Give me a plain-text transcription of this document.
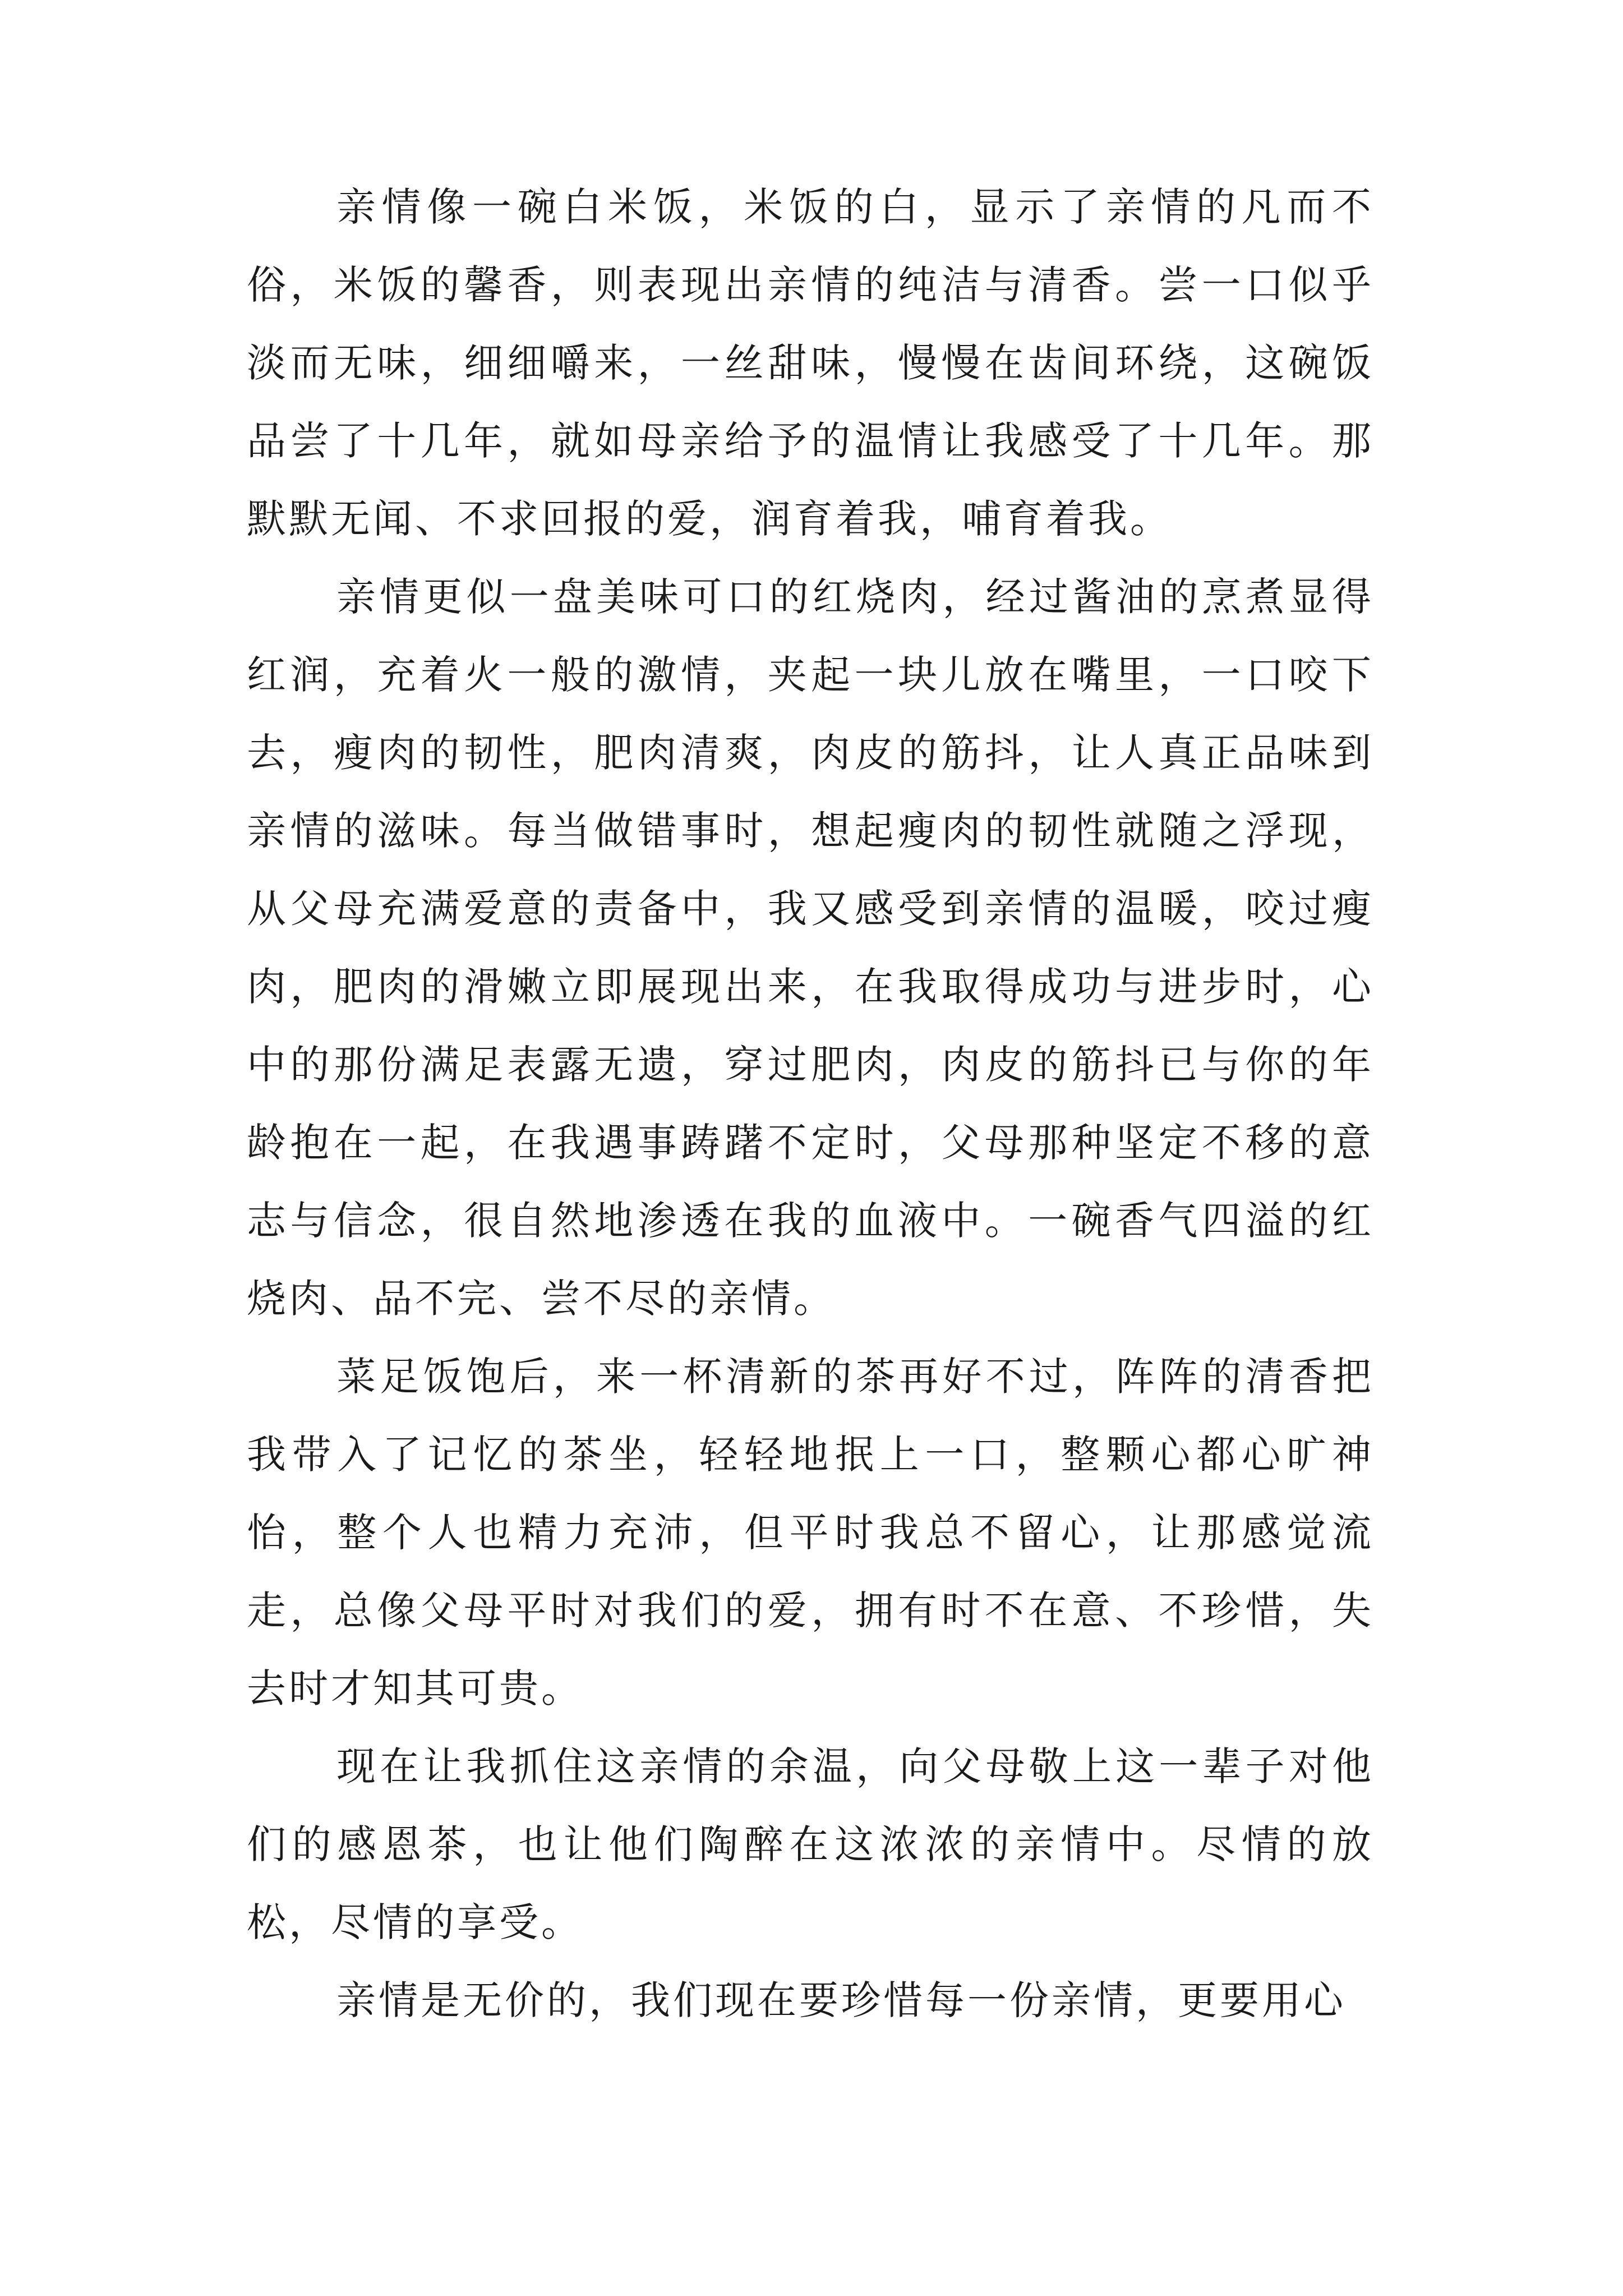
亲情像一碗白米饭，米饭的白，显示了亲情的凡而不俗，米饭的馨香，则表现出亲情的纯洁与清香。尝一口似乎淡而无味，细细嚼来，一丝甜味，慢慢在齿间环绕，这碗饭品尝了十几年，就如母亲给予的温情让我感受了十几年。那默默无闻、不求回报的爱，润育着我，哺育着我。

亲情更似一盘美味可口的红烧肉，经过酱油的烹煮显得红润，充着火一般的激情，夹起一块儿放在嘴里，一口咬下去，瘦肉的韧性，肥肉清爽，肉皮的筋抖，让人真正品味到亲情的滋味。每当做错事时，想起瘦肉的韧性就随之浮现，从父母充满爱意的责备中，我又感受到亲情的温暖，咬过瘦肉，肥肉的滑嫩立即展现出来，在我取得成功与进步时，心中的那份满足表露无遗，穿过肥肉，肉皮的筋抖已与你的年龄抱在一起，在我遇事踌躇不定时，父母那种坚定不移的意志与信念，很自然地渗透在我的血液中。一碗香气四溢的红烧肉、品不完、尝不尽的亲情。

菜足饭饱后，来一杯清新的茶再好不过，阵阵的清香把我带入了记忆的茶坐，轻轻地抿上一口，整颗心都心旷神怡，整个人也精力充沛，但平时我总不留心，让那感觉流走，总像父母平时对我们的爱，拥有时不在意、不珍惜，失去时才知其可贵。

现在让我抓住这亲情的余温，向父母敬上这一辈子对他们的感恩茶，也让他们陶醉在这浓浓的亲情中。尽情的放松，尽情的享受。

亲情是无价的，我们现在要珍惜每一份亲情，更要用心
